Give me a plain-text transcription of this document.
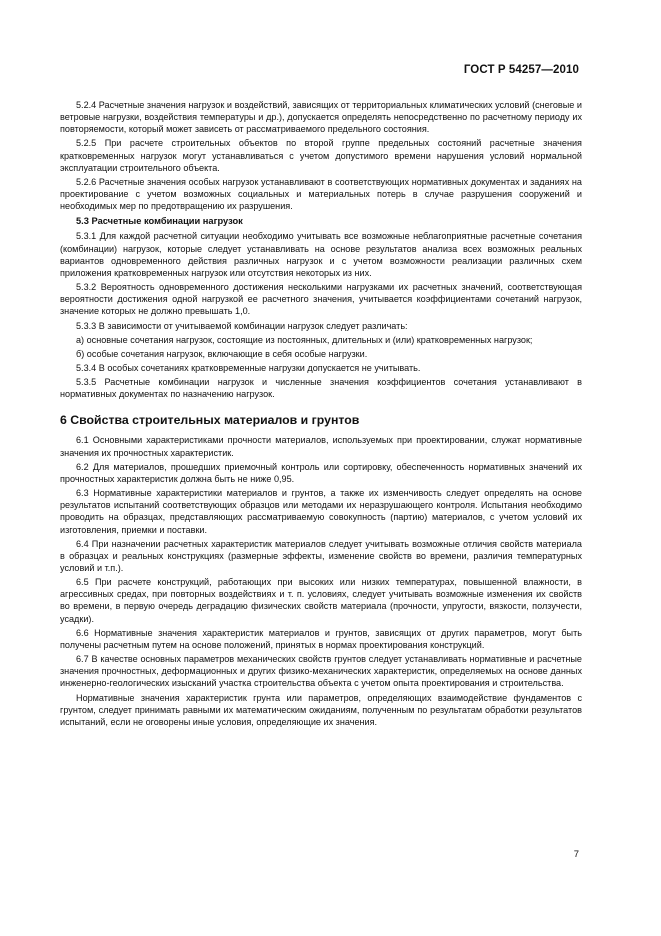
ГОСТ Р 54257—2010

5.2.4 Расчетные значения нагрузок и воздействий, зависящих от территориальных климатических условий (снеговые и ветровые нагрузки, воздействия температуры и др.), допускается определять непосредственно по расчетному периоду их повторяемости, который может зависеть от рассматриваемого предельного состояния.

5.2.5 При расчете строительных объектов по второй группе предельных состояний расчетные значения кратковременных нагрузок могут устанавливаться с учетом допустимого времени нарушения условий нормальной эксплуатации строительного объекта.

5.2.6 Расчетные значения особых нагрузок устанавливают в соответствующих нормативных документах и заданиях на проектирование с учетом возможных социальных и материальных потерь в случае разрушения сооружений и необходимых мер по предотвращению их разрушения.

5.3 Расчетные комбинации нагрузок

5.3.1 Для каждой расчетной ситуации необходимо учитывать все возможные неблагоприятные расчетные сочетания (комбинации) нагрузок, которые следует устанавливать на основе результатов анализа всех возможных реальных вариантов одновременного действия различных нагрузок и с учетом возможности реализации различных схем приложения кратковременных нагрузок или отсутствия некоторых из них.

5.3.2 Вероятность одновременного достижения несколькими нагрузками их расчетных значений, соответствующая вероятности достижения одной нагрузкой ее расчетного значения, учитывается коэффициентами сочетаний нагрузок, значение которых не должно превышать 1,0.

5.3.3 В зависимости от учитываемой комбинации нагрузок следует различать:

а) основные сочетания нагрузок, состоящие из постоянных, длительных и (или) кратковременных нагрузок;

б) особые сочетания нагрузок, включающие в себя особые нагрузки.

5.3.4 В особых сочетаниях кратковременные нагрузки допускается не учитывать.

5.3.5 Расчетные комбинации нагрузок и численные значения коэффициентов сочетания устанавливают в нормативных документах по назначению нагрузок.

6 Свойства строительных материалов и грунтов

6.1 Основными характеристиками прочности материалов, используемых при проектировании, служат нормативные значения их прочностных характеристик.

6.2 Для материалов, прошедших приемочный контроль или сортировку, обеспеченность нормативных значений их прочностных характеристик должна быть не ниже 0,95.

6.3 Нормативные характеристики материалов и грунтов, а также их изменчивость следует определять на основе результатов испытаний соответствующих образцов или методами их неразрушающего контроля. Испытания необходимо проводить на образцах, представляющих рассматриваемую совокупность (партию) материалов, с учетом условий их изготовления, приемки и поставки.

6.4 При назначении расчетных характеристик материалов следует учитывать возможные отличия свойств материала в образцах и реальных конструкциях (размерные эффекты, изменение свойств во времени, различия температурных условий и т.п.).

6.5 При расчете конструкций, работающих при высоких или низких температурах, повышенной влажности, в агрессивных средах, при повторных воздействиях и т. п. условиях, следует учитывать возможные изменения их свойств во времени, в первую очередь деградацию физических свойств материала (прочности, упругости, вязкости, ползучести, усадки).

6.6 Нормативные значения характеристик материалов и грунтов, зависящих от других параметров, могут быть получены расчетным путем на основе положений, принятых в нормах проектирования конструкций.

6.7 В качестве основных параметров механических свойств грунтов следует устанавливать нормативные и расчетные значения прочностных, деформационных и других физико-механических характеристик, определяемых на основе данных инженерно-геологических изысканий участка строительства объекта с учетом опыта проектирования и строительства.

Нормативные значения характеристик грунта или параметров, определяющих взаимодействие фундаментов с грунтом, следует принимать равными их математическим ожиданиям, полученным по результатам обработки результатов испытаний, если не оговорены иные условия, определяющие их значения.

7
